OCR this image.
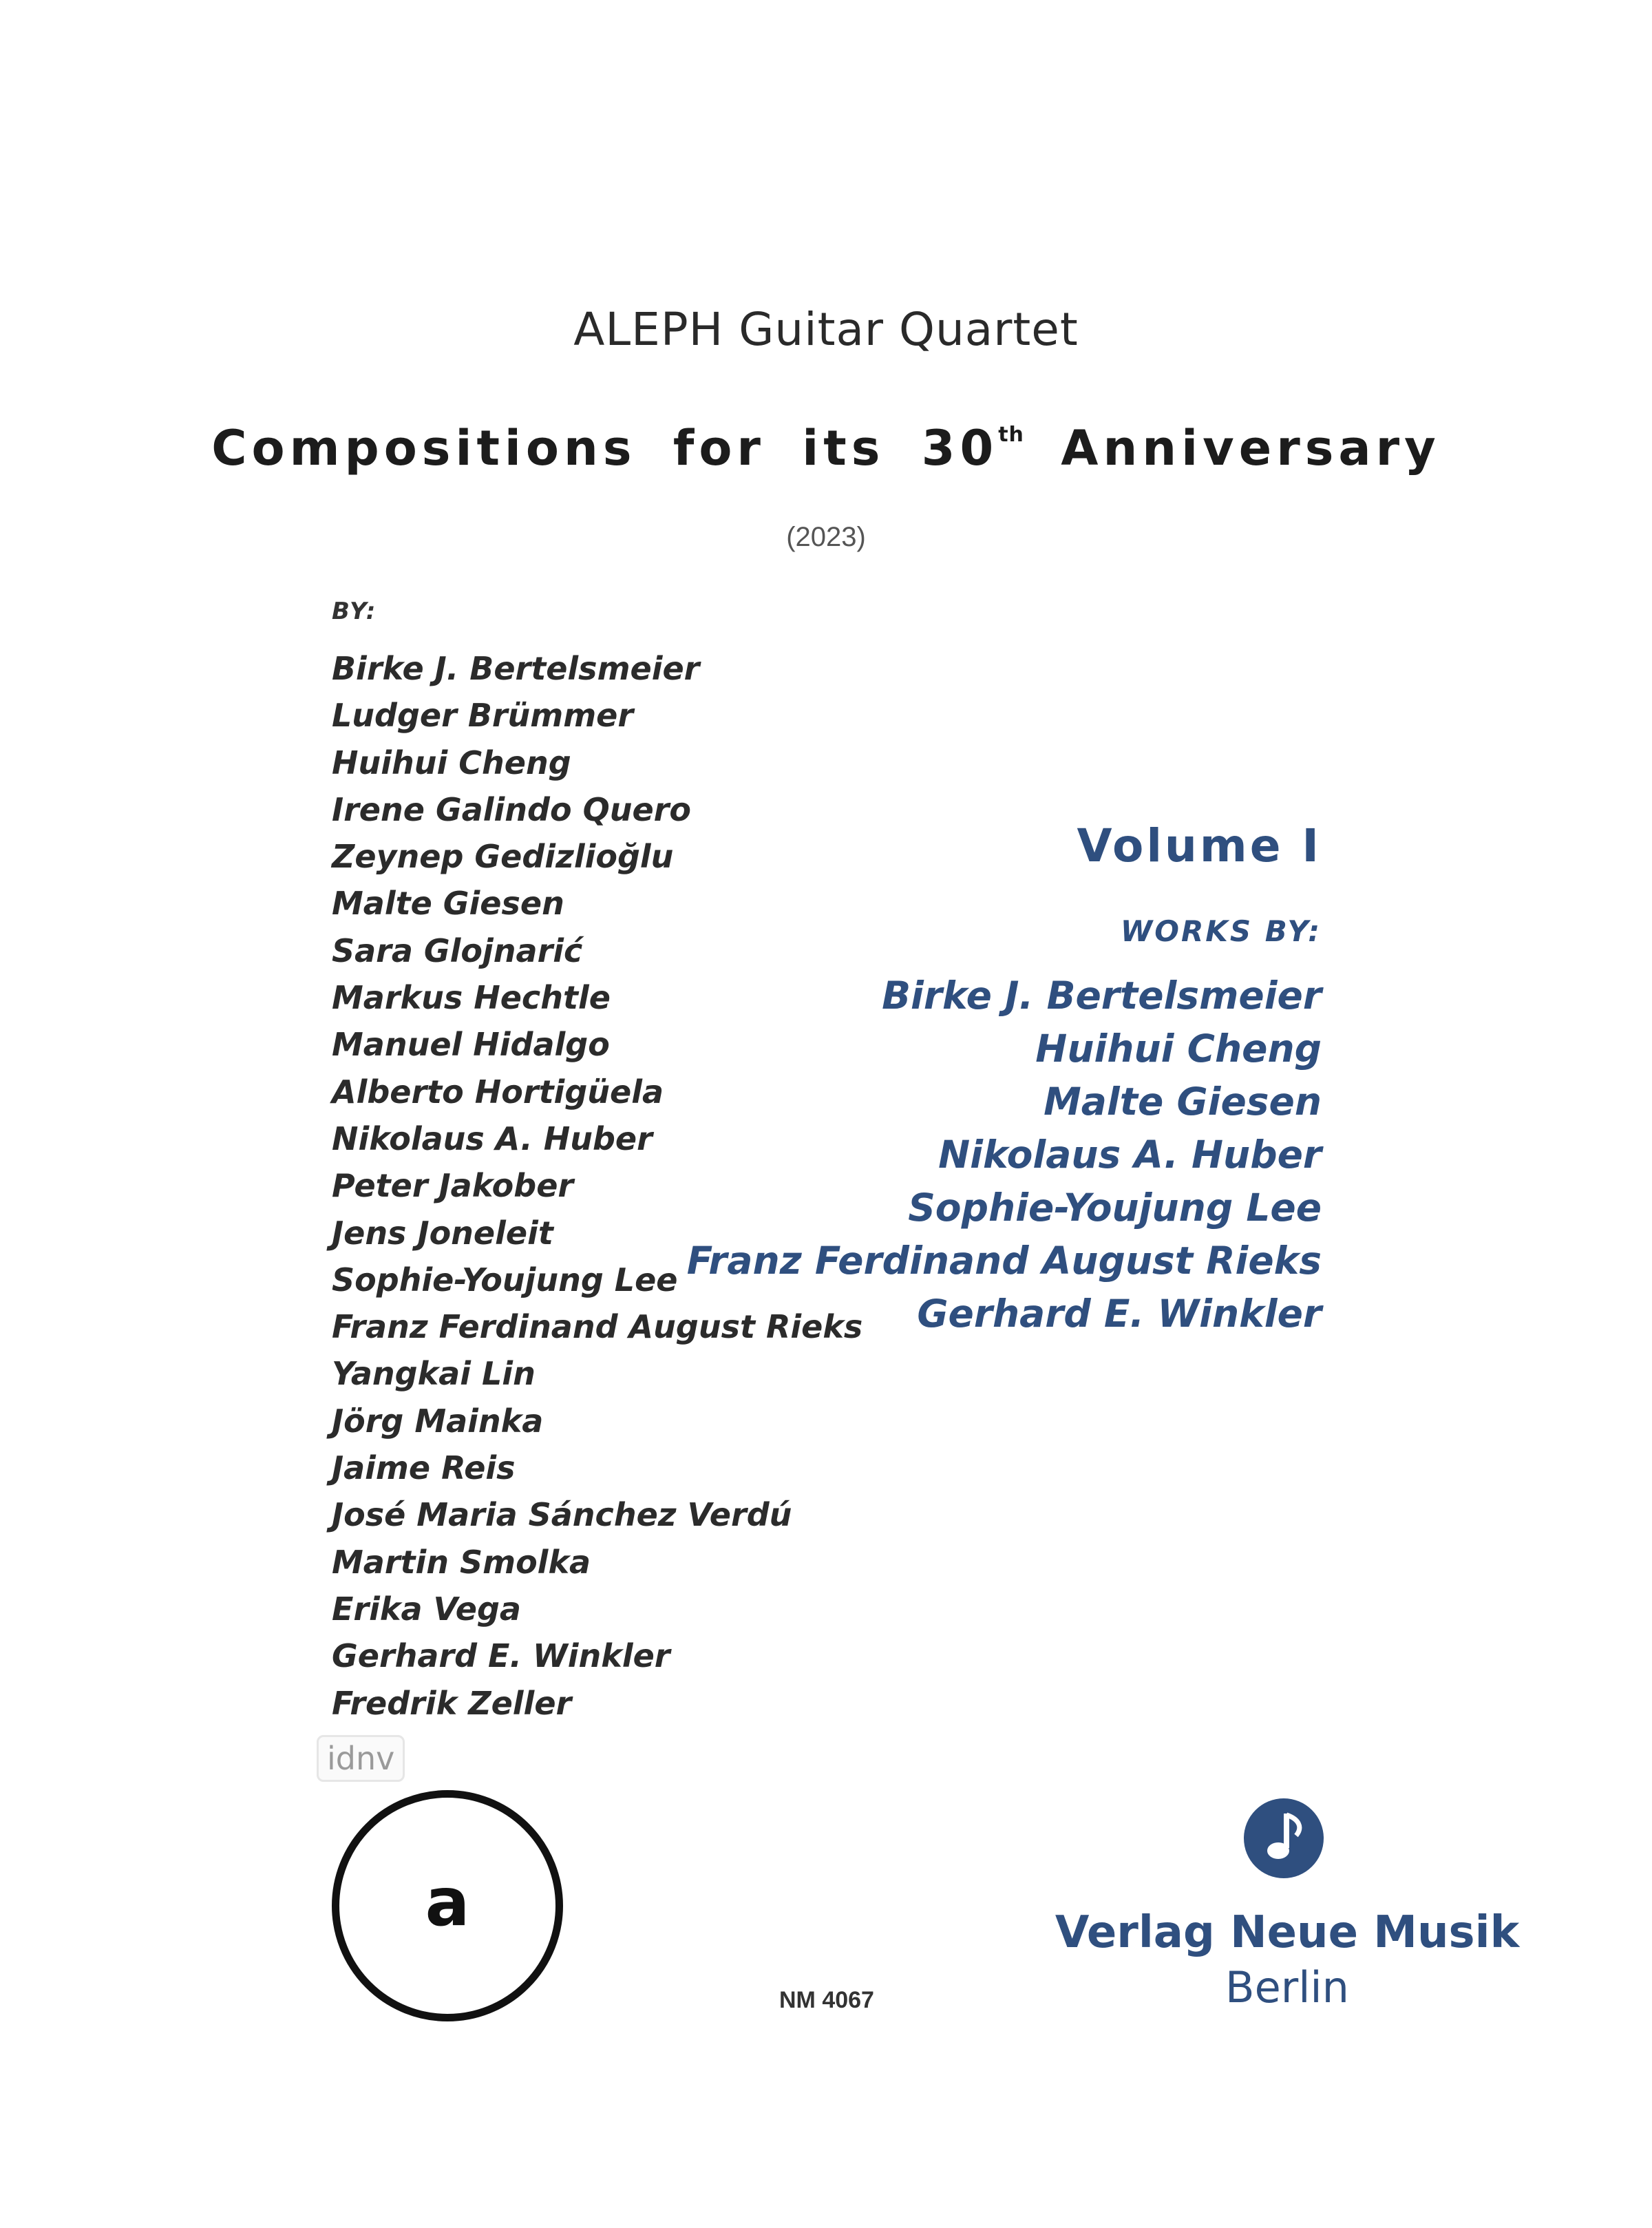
ALEPH Guitar Quartet
Compositions for its 30th Anniversary
(2023)
BY:
Birke J. Bertelsmeier
Ludger Brümmer
Huihui Cheng
Irene Galindo Quero
Zeynep Gedizlioğlu
Malte Giesen
Sara Glojnarić
Markus Hechtle
Manuel Hidalgo
Alberto Hortigüela
Nikolaus A. Huber
Peter Jakober
Jens Joneleit
Sophie-Youjung Lee
Franz Ferdinand August Rieks
Yangkai Lin
Jörg Mainka
Jaime Reis
José Maria Sánchez Verdú
Martin Smolka
Erika Vega
Gerhard E. Winkler
Fredrik Zeller
Volume I
WORKS BY:
Birke J. Bertelsmeier
Huihui Cheng
Malte Giesen
Nikolaus A. Huber
Sophie-Youjung Lee
Franz Ferdinand August Rieks
Gerhard E. Winkler
idnv
a
NM 4067
Verlag Neue Musik
Berlin
